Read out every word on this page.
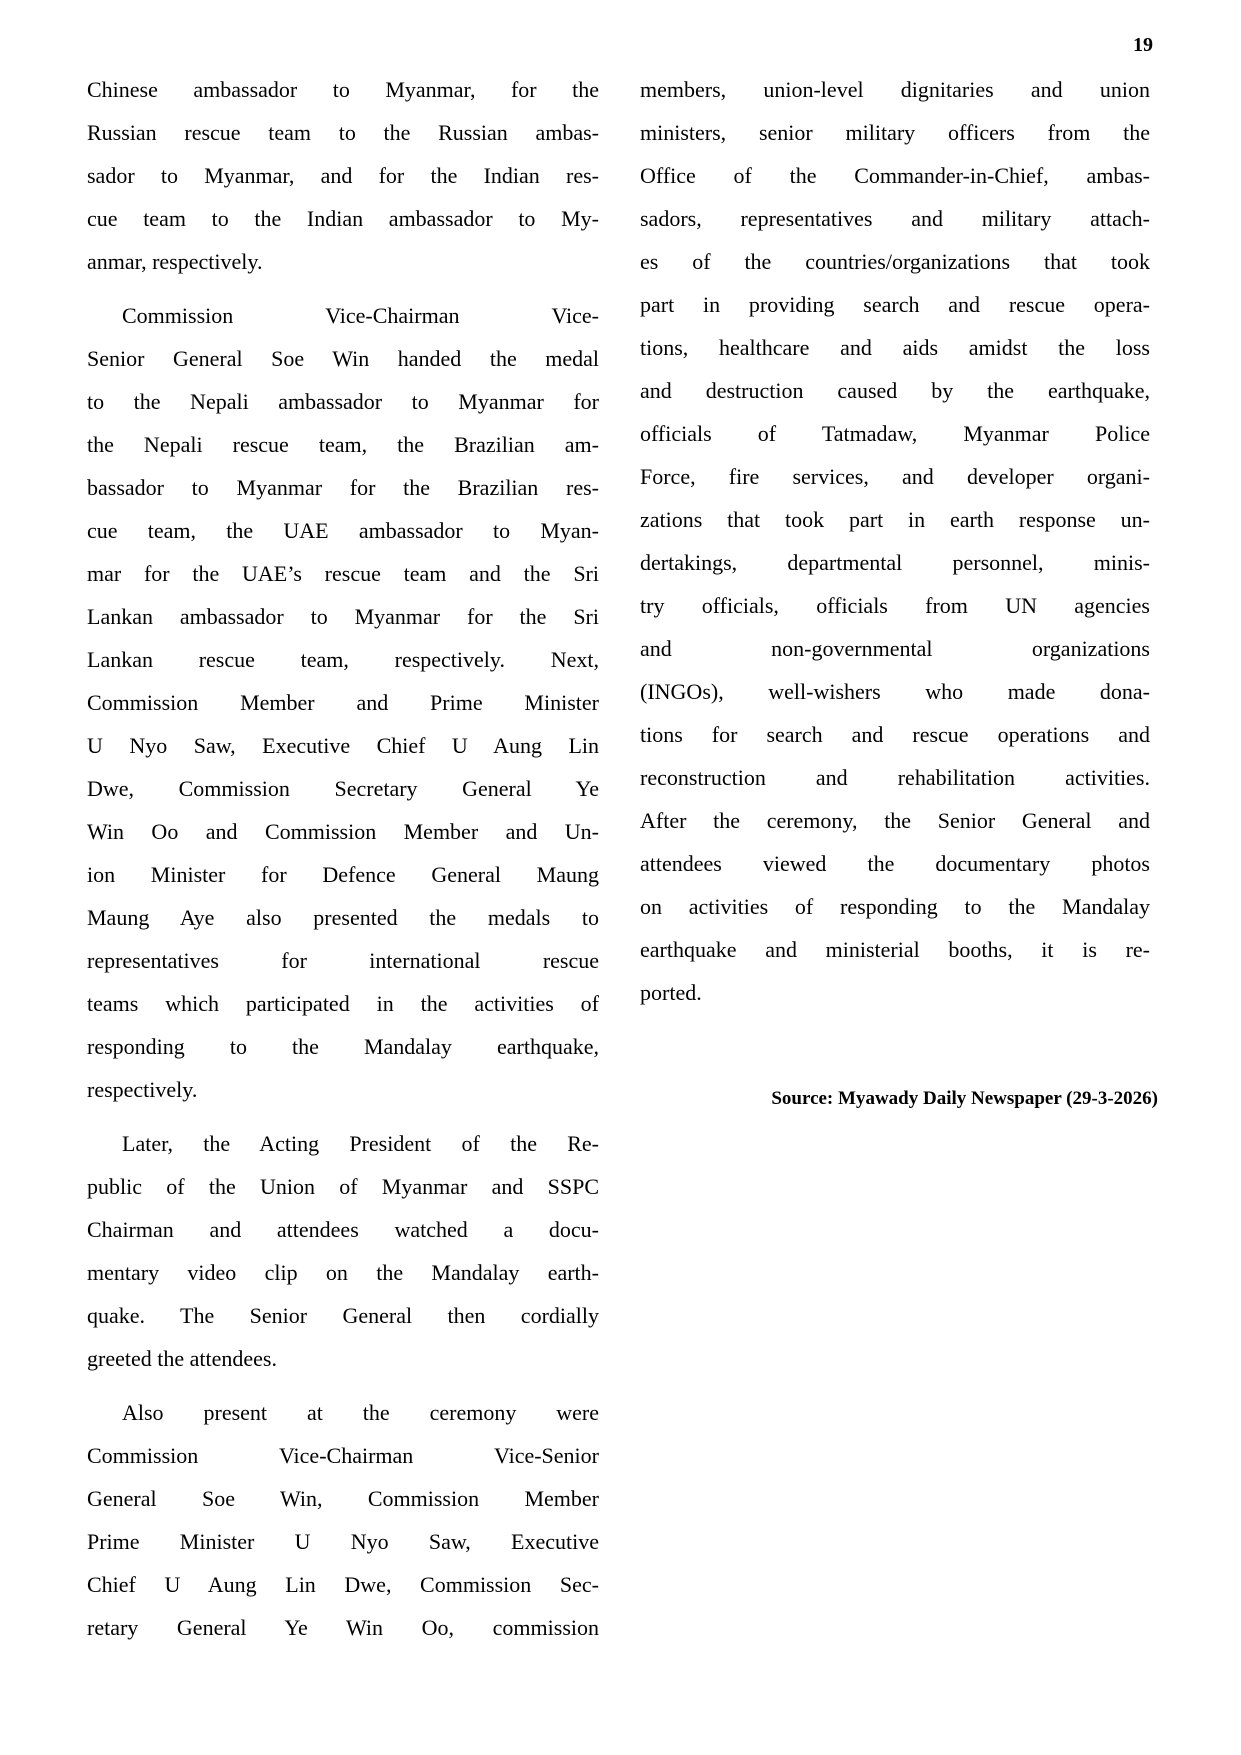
19
Chinese ambassador to Myanmar, for the
Russian rescue team to the Russian ambas-
sador to Myanmar, and for the Indian res-
cue team to the Indian ambassador to My-
anmar, respectively.
Commission Vice-Chairman Vice-
Senior General Soe Win handed the medal
to the Nepali ambassador to Myanmar for
the Nepali rescue team, the Brazilian am-
bassador to Myanmar for the Brazilian res-
cue team, the UAE ambassador to Myan-
mar for the UAE’s rescue team and the Sri
Lankan ambassador to Myanmar for the Sri
Lankan rescue team, respectively. Next,
Commission Member and Prime Minister
U Nyo Saw, Executive Chief U Aung Lin
Dwe, Commission Secretary General Ye
Win Oo and Commission Member and Un-
ion Minister for Defence General Maung
Maung Aye also presented the medals to
representatives for international rescue
teams which participated in the activities of
responding to the Mandalay earthquake,
respectively.
Later, the Acting President of the Re-
public of the Union of Myanmar and SSPC
Chairman and attendees watched a docu-
mentary video clip on the Mandalay earth-
quake. The Senior General then cordially
greeted the attendees.
Also present at the ceremony were
Commission Vice-Chairman Vice-Senior
General Soe Win, Commission Member
Prime Minister U Nyo Saw, Executive
Chief U Aung Lin Dwe, Commission Sec-
retary General Ye Win Oo, commission
members, union-level dignitaries and union
ministers, senior military officers from the
Office of the Commander-in-Chief, ambas-
sadors, representatives and military attach-
es of the countries/organizations that took
part in providing search and rescue opera-
tions, healthcare and aids amidst the loss
and destruction caused by the earthquake,
officials of Tatmadaw, Myanmar Police
Force, fire services, and developer organi-
zations that took part in earth response un-
dertakings, departmental personnel, minis-
try officials, officials from UN agencies
and non-governmental organizations
(INGOs), well-wishers who made dona-
tions for search and rescue operations and
reconstruction and rehabilitation activities.
After the ceremony, the Senior General and
attendees viewed the documentary photos
on activities of responding to the Mandalay
earthquake and ministerial booths, it is re-
ported.
Source: Myawady Daily Newspaper (29-3-2026)
